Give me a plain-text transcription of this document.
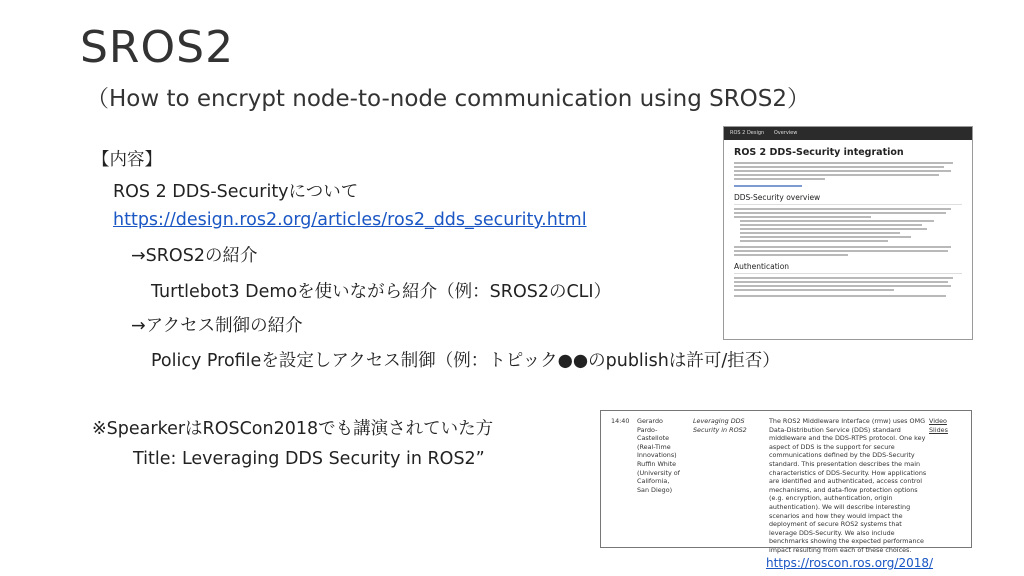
SROS2
（How to encrypt node-to-node communication using SROS2）
【内容】
ROS 2 DDS-Securityについて
https://design.ros2.org/articles/ros2_dds_security.html
→SROS2の紹介
Turtlebot3 Demoを使いながら紹介（例：SROS2のCLI）
→アクセス制御の紹介
Policy Profileを設定しアクセス制御（例：トピック●●のpublishは許可/拒否）
※SpearkerはROSCon2018でも講演されていた方
Title: Leveraging DDS Security in ROS2”
ROS 2 Design Overview
ROS 2 DDS-Security integration
DDS-Security overview
Authentication
14:40 Gerardo Pardo-Castellote (Real-Time Innovations) Ruffin White (University of California, San Diego)
Leveraging DDS Security in ROS2
The ROS2 Middleware Interface (rmw) uses OMG Data-Distribution Service (DDS) standard middleware and the DDS-RTPS protocol. One key aspect of DDS is the support for secure communications defined by the DDS-Security standard. This presentation describes the main characteristics of DDS-Security. How applications are identified and authenticated, access control mechanisms, and data-flow protection options (e.g. encryption, authentication, origin authentication). We will describe interesting scenarios and how they would impact the deployment of secure ROS2 systems that leverage DDS-Security. We also include benchmarks showing the expected performance impact resulting from each of these choices.
Video
Slides
https://roscon.ros.org/2018/
